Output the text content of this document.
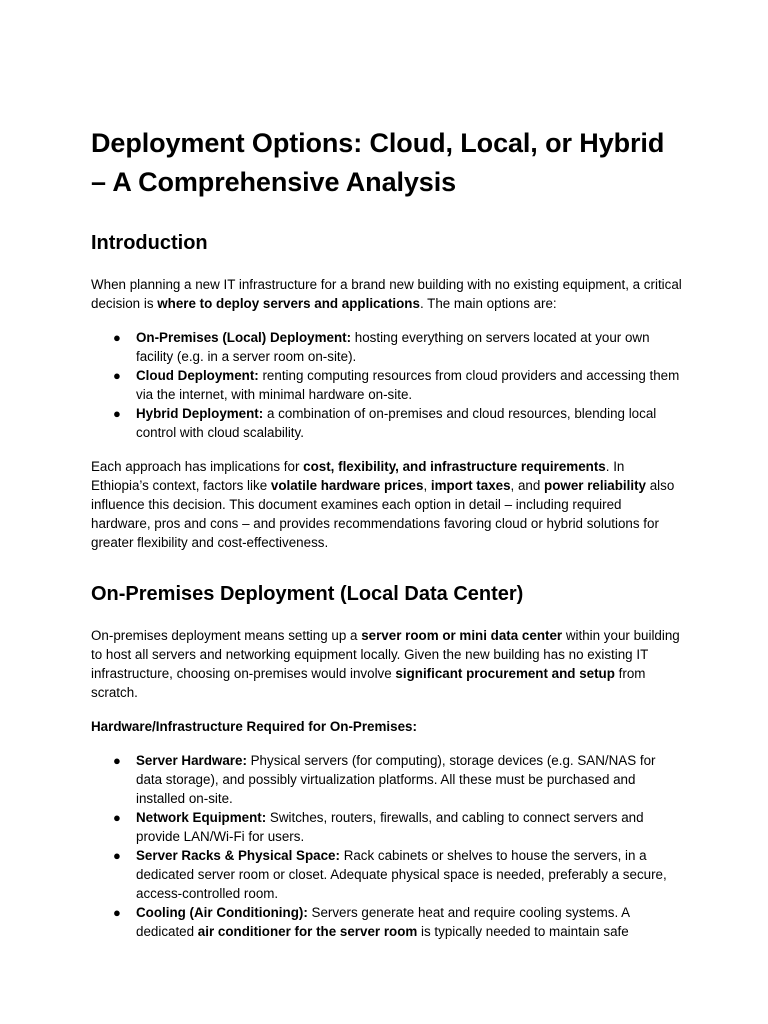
Deployment Options: Cloud, Local, or Hybrid – A Comprehensive Analysis
Introduction

When planning a new IT infrastructure for a brand new building with no existing equipment, a critical decision is where to deploy servers and applications. The main options are:

● On-Premises (Local) Deployment: hosting everything on servers located at your own facility (e.g. in a server room on-site).
● Cloud Deployment: renting computing resources from cloud providers and accessing them via the internet, with minimal hardware on-site.
● Hybrid Deployment: a combination of on-premises and cloud resources, blending local control with cloud scalability.

Each approach has implications for cost, flexibility, and infrastructure requirements. In Ethiopia’s context, factors like volatile hardware prices, import taxes, and power reliability also influence this decision. This document examines each option in detail – including required hardware, pros and cons – and provides recommendations favoring cloud or hybrid solutions for greater flexibility and cost-effectiveness.

On-Premises Deployment (Local Data Center)

On-premises deployment means setting up a server room or mini data center within your building to host all servers and networking equipment locally. Given the new building has no existing IT infrastructure, choosing on-premises would involve significant procurement and setup from scratch.

Hardware/Infrastructure Required for On-Premises:

● Server Hardware: Physical servers (for computing), storage devices (e.g. SAN/NAS for data storage), and possibly virtualization platforms. All these must be purchased and installed on-site.
● Network Equipment: Switches, routers, firewalls, and cabling to connect servers and provide LAN/Wi-Fi for users.
● Server Racks & Physical Space: Rack cabinets or shelves to house the servers, in a dedicated server room or closet. Adequate physical space is needed, preferably a secure, access-controlled room.
● Cooling (Air Conditioning): Servers generate heat and require cooling systems. A dedicated air conditioner for the server room is typically needed to maintain safe
